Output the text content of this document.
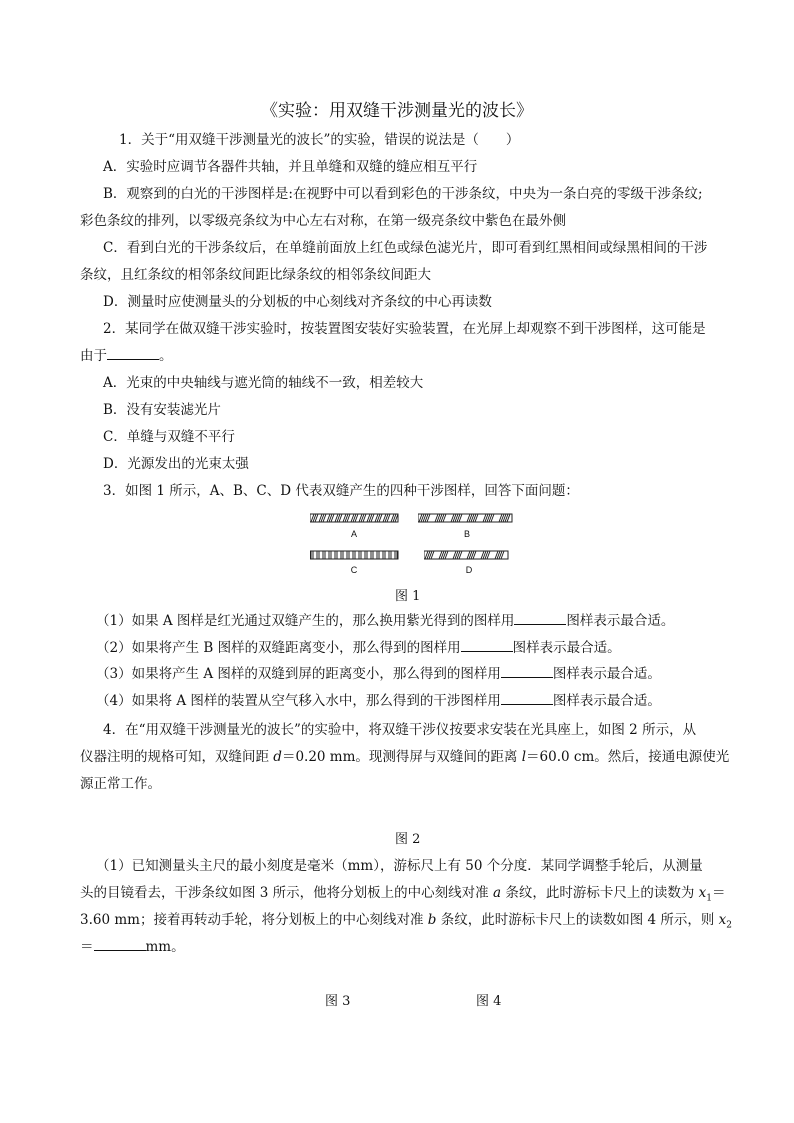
《实验：用双缝干涉测量光的波长》
1．关于“用双缝干涉测量光的波长”的实验，错误的说法是（　　）
A．实验时应调节各器件共轴，并且单缝和双缝的缝应相互平行
B．观察到的白光的干涉图样是:在视野中可以看到彩色的干涉条纹，中央为一条白亮的零级干涉条纹;
彩色条纹的排列，以零级亮条纹为中心左右对称，在第一级亮条纹中紫色在最外侧
C．看到白光的干涉条纹后，在单缝前面放上红色或绿色滤光片，即可看到红黑相间或绿黑相间的干涉
条纹，且红条纹的相邻条纹间距比绿条纹的相邻条纹间距大
D．测量时应使测量头的分划板的中心刻线对齐条纹的中心再读数
2．某同学在做双缝干涉实验时，按装置图安装好实验装置，在光屏上却观察不到干涉图样，这可能是
由于	。
A．光束的中央轴线与遮光筒的轴线不一致，相差较大
B．没有安装滤光片
C．单缝与双缝不平行
D．光源发出的光束太强
3．如图 1 所示，A、B、C、D 代表双缝产生的四种干涉图样，回答下面问题：
A	B
C	D
图 1
（1）如果 A 图样是红光通过双缝产生的，那么换用紫光得到的图样用	图样表示最合适。
（2）如果将产生 B 图样的双缝距离变小，那么得到的图样用	图样表示最合适。
（3）如果将产生 A 图样的双缝到屏的距离变小，那么得到的图样用	图样表示最合适。
（4）如果将 A 图样的装置从空气移入水中，那么得到的干涉图样用	图样表示最合适。
4．在“用双缝干涉测量光的波长”的实验中，将双缝干涉仪按要求安装在光具座上，如图 2 所示，从
仪器注明的规格可知，双缝间距 d＝0.20 mm。现测得屏与双缝间的距离 l＝60.0 cm。然后，接通电源使光
源正常工作。
图 2
（1）已知测量头主尺的最小刻度是毫米（mm），游标尺上有 50 个分度．某同学调整手轮后，从测量
头的目镜看去，干涉条纹如图 3 所示，他将分划板上的中心刻线对准 a 条纹，此时游标卡尺上的读数为 $x_1=$
3.60 mm；接着再转动手轮，将分划板上的中心刻线对准 b 条纹，此时游标卡尺上的读数如图 4 所示，则 $x_2$
＝	mm。
图 3	图 4
